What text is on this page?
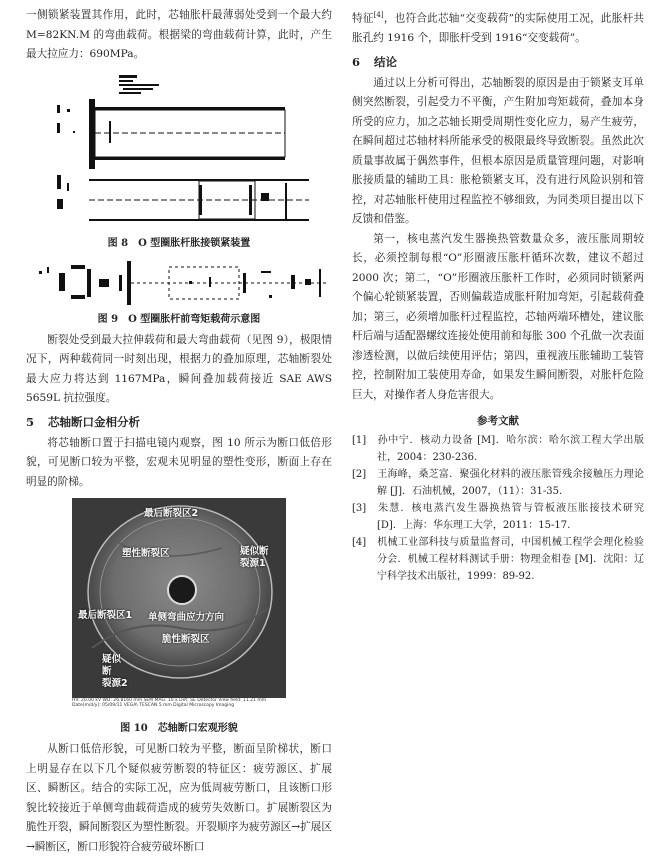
一侧锁紧装置其作用，此时，芯轴胀杆最薄弱处受到一个最大约 M=82KN.M 的弯曲载荷。根据梁的弯曲载荷计算，此时，产生最大拉应力：690MPa。

图 8　O 型圈胀杆胀接锁紧装置
图 9　O 型圈胀杆前弯矩载荷示意图

断裂处受到最大拉伸载荷和最大弯曲载荷（见图 9），极限情况下，两种载荷同一时刻出现，根据力的叠加原理，芯轴断裂处最大应力将达到 1167MPa，瞬间叠加载荷接近 SAE AWS 5659L 抗拉强度。

5 芯轴断口金相分析

将芯轴断口置于扫描电镜内观察，图 10 所示为断口低倍形貌，可见断口较为平整，宏观未见明显的塑性变形，断面上存在明显的阶梯。

最后断裂区2
塑性断裂区	疑似断
裂源1
最后断裂区1 单侧弯曲应力方向
脆性断裂区
疑似
断
裂源2
HV: 20.00 kV WD: 26.8160 mm SEM MAG: 10 x Det: SE Detector View field: 11.21 mm Date(m/d/y): 05/09/11 VEGA\ TESCAN 5 mm Digital Microscopy Imaging
图 10　芯轴断口宏观形貌

从断口低倍形貌，可见断口较为平整，断面呈阶梯状，断口上明显存在以下几个疑似疲劳断裂的特征区：疲劳源区、扩展区、瞬断区。结合的实际工况，应为低周疲劳断口，且该断口形貌比较接近于单侧弯曲载荷造成的疲劳失效断口。扩展断裂区为脆性开裂，瞬间断裂区为塑性断裂。开裂顺序为疲劳源区→扩展区→瞬断区，断口形貌符合疲劳破坏断口

特征[4]，也符合此芯轴“交变载荷”的实际使用工况，此胀杆共胀孔约 1916 个，即胀杆受到 1916“交变载荷”。

6 结论

通过以上分析可得出，芯轴断裂的原因是由于锁紧支耳单侧突然断裂，引起受力不平衡，产生附加弯矩载荷，叠加本身所受的应力，加之芯轴长期受周期性变化应力，易产生疲劳，在瞬间超过芯轴材料所能承受的极限最终导致断裂。虽然此次质量事故属于偶然事件，但根本原因是质量管理问题，对影响胀接质量的辅助工具：胀枪锁紧支耳，没有进行风险识别和管控，对芯轴胀杆使用过程监控不够细致，为同类项目提出以下反馈和借鉴。

第一，核电蒸汽发生器换热管数量众多，液压胀周期较长，必须控制每根“O”形圈液压胀杆循环次数，建议不超过 2000 次；第二，“O”形圈液压胀杆工作时，必须同时锁紧两个偏心轮锁紧装置，否则偏载造成胀杆附加弯矩，引起载荷叠加；第三，必须增加胀杆过程监控，芯轴两端环槽处，建议胀杆后端与适配器螺纹连接处使用前和每胀 300 个孔做一次表面渗透检测，以做后续使用评估；第四，重视液压胀辅助工装管控，控制附加工装使用寿命，如果发生瞬间断裂，对胀杆危险巨大，对操作者人身危害很大。

参考文献

[1] 孙中宁．核动力设备 [M]．哈尔滨：哈尔滨工程大学出版社，2004：230-236.

[2] 王海峰，桑芝富．聚强化材料的液压胀管残余接触压力理论解 [J]．石油机械，2007，（11）：31-35.

[3] 朱慧．核电蒸汽发生器换热管与管板液压胀接技术研究 [D]．上海：华东理工大学，2011：15-17.

[4] 机械工业部科技与质量监督司，中国机械工程学会理化检验分会．机械工程材料测试手册：物理金相卷 [M]．沈阳：辽宁科学技术出版社，1999：89-92.
